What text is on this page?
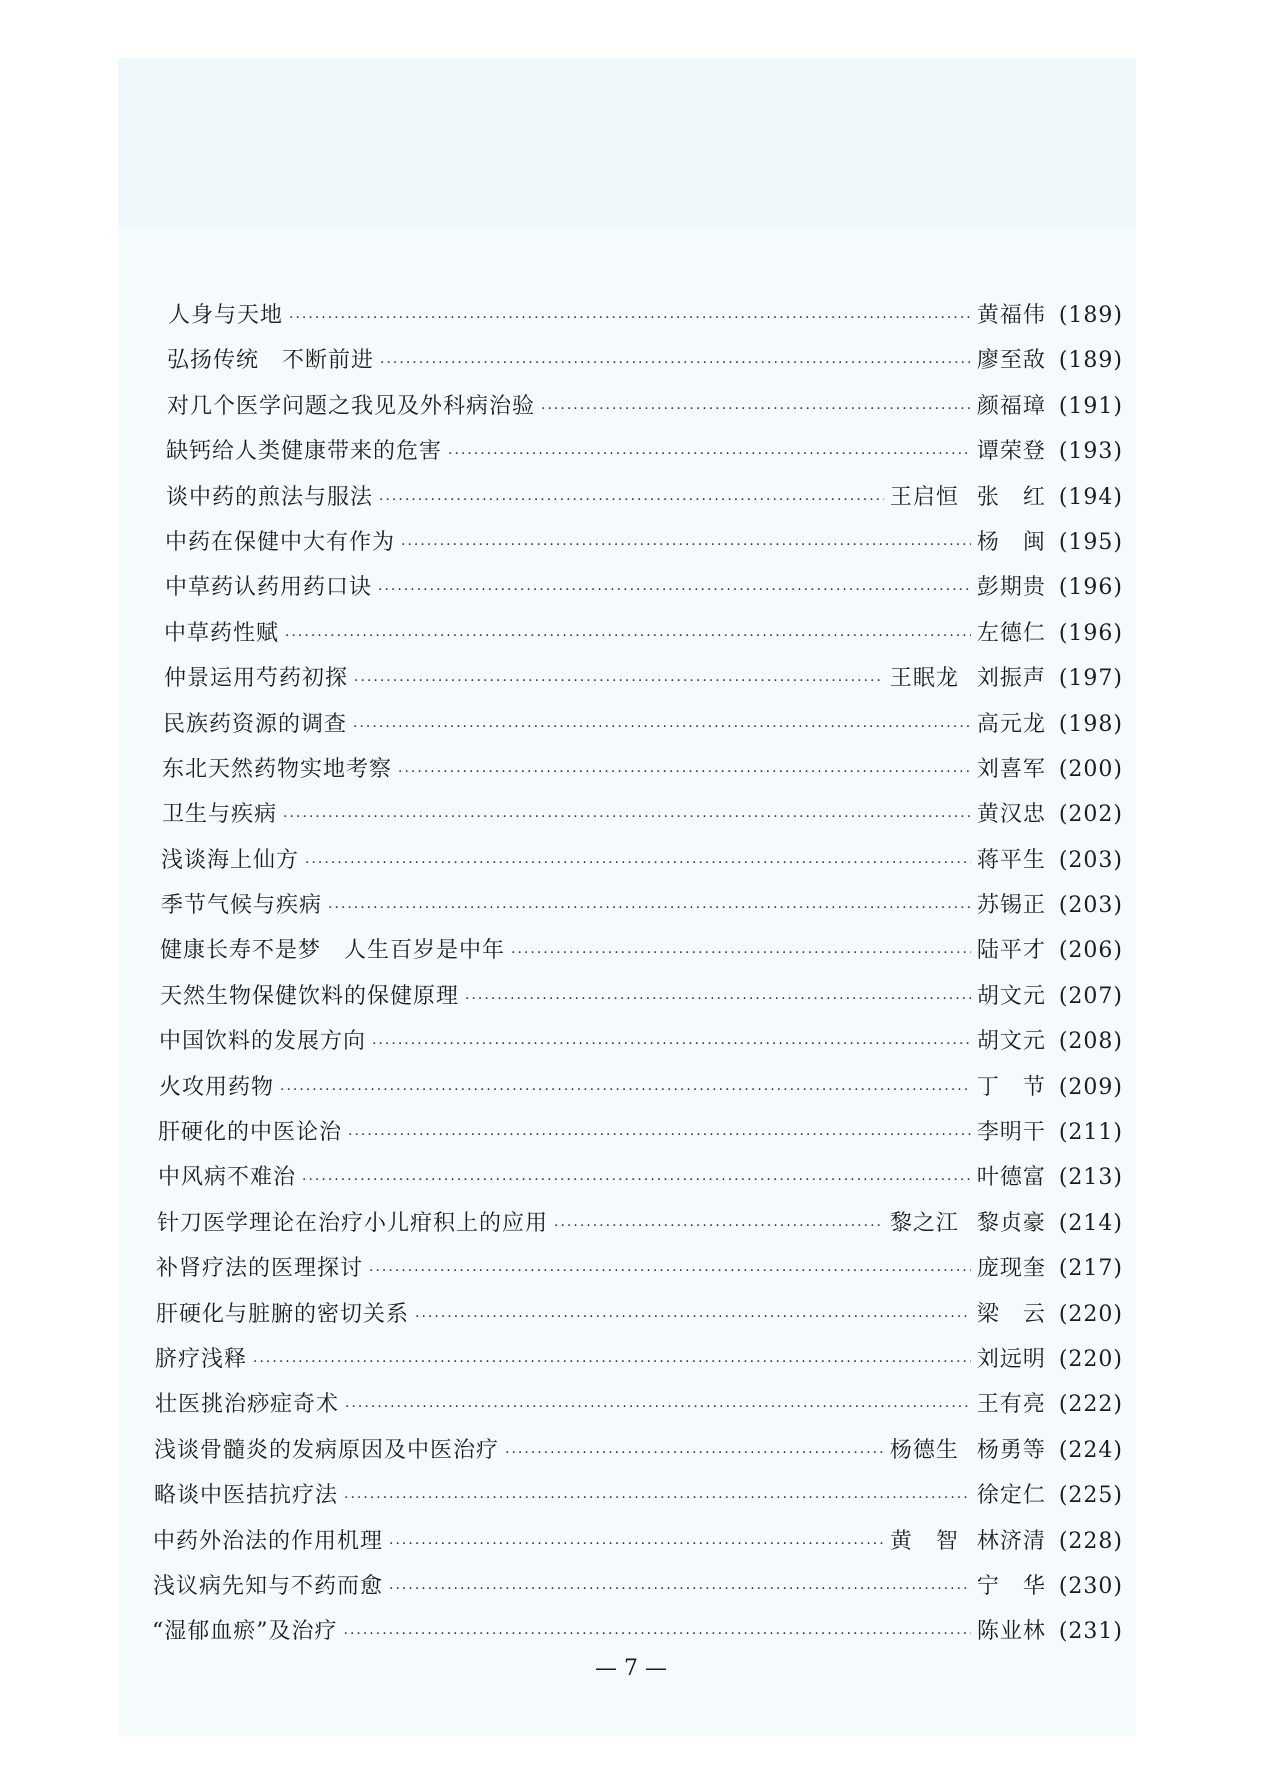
人身与天地 ·····	黄福伟 (189)
弘扬传统　不断前进 ·····	廖至敌 (189)
对几个医学问题之我见及外科病治验 ·····	颜福璋 (191)
缺钙给人类健康带来的危害 ·····	谭荣登 (193)
谈中药的煎法与服法 ·····	王启恒 张　红 (194)
中药在保健中大有作为 ·····	杨　闽 (195)
中草药认药用药口诀 ·····	彭期贵 (196)
中草药性赋 ·····	左德仁 (196)
仲景运用芍药初探 ·····	王眠龙 刘振声 (197)
民族药资源的调查 ·····	高元龙 (198)
东北天然药物实地考察 ·····	刘喜军 (200)
卫生与疾病 ·····	黄汉忠 (202)
浅谈海上仙方 ·····	蒋平生 (203)
季节气候与疾病 ·····	苏锡正 (203)
健康长寿不是梦　人生百岁是中年 ·····	陆平才 (206)
天然生物保健饮料的保健原理 ·····	胡文元 (207)
中国饮料的发展方向 ·····	胡文元 (208)
火攻用药物 ·····	丁　节 (209)
肝硬化的中医论治 ·····	李明干 (211)
中风病不难治 ·····	叶德富 (213)
针刀医学理论在治疗小儿疳积上的应用 ·····	黎之江 黎贞豪 (214)
补肾疗法的医理探讨 ·····	庞现奎 (217)
肝硬化与脏腑的密切关系 ·····	梁　云 (220)
脐疗浅释 ·····	刘远明 (220)
壮医挑治痧症奇术 ·····	王有亮 (222)
浅谈骨髓炎的发病原因及中医治疗 ·····	杨德生 杨勇等 (224)
略谈中医拮抗疗法 ·····	徐定仁 (225)
中药外治法的作用机理 ·····	黄　智 林济清 (228)
浅议病先知与不药而愈 ·····	宁　华 (230)
“湿郁血瘀”及治疗 ·····	陈业林 (231)
— 7 —
